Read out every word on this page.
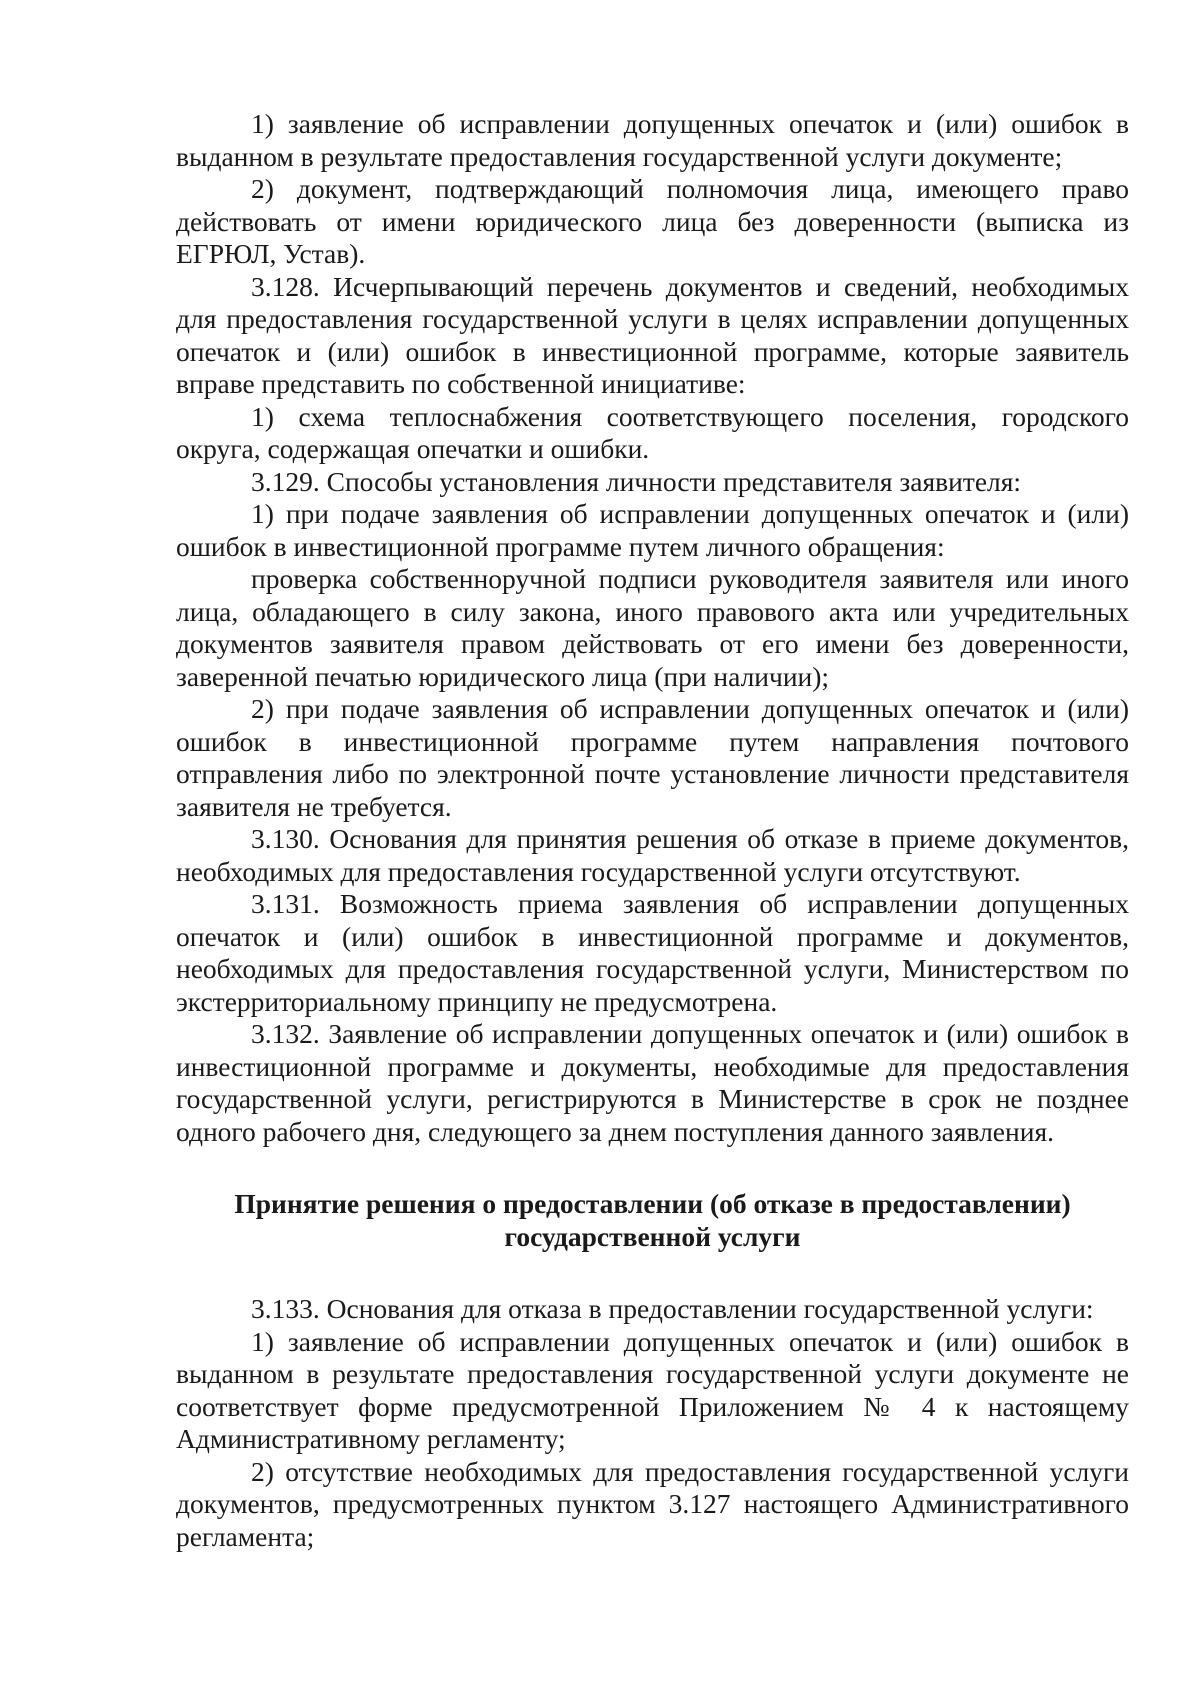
1) заявление об исправлении допущенных опечаток и (или) ошибок в выданном в результате предоставления государственной услуги документе;

2) документ, подтверждающий полномочия лица, имеющего право действовать от имени юридического лица без доверенности (выписка из ЕГРЮЛ, Устав).

3.128. Исчерпывающий перечень документов и сведений, необходимых для предоставления государственной услуги в целях исправлении допущенных опечаток и (или) ошибок в инвестиционной программе, которые заявитель вправе представить по собственной инициативе:

1) схема теплоснабжения соответствующего поселения, городского округа, содержащая опечатки и ошибки.

3.129. Способы установления личности представителя заявителя:

1) при подаче заявления об исправлении допущенных опечаток и (или) ошибок в инвестиционной программе путем личного обращения:

проверка собственноручной подписи руководителя заявителя или иного лица, обладающего в силу закона, иного правового акта или учредительных документов заявителя правом действовать от его имени без доверенности, заверенной печатью юридического лица (при наличии);

2) при подаче заявления об исправлении допущенных опечаток и (или) ошибок в инвестиционной программе путем направления почтового отправления либо по электронной почте установление личности представителя заявителя не требуется.

3.130. Основания для принятия решения об отказе в приеме документов, необходимых для предоставления государственной услуги отсутствуют.

3.131. Возможность приема заявления об исправлении допущенных опечаток и (или) ошибок в инвестиционной программе и документов, необходимых для предоставления государственной услуги, Министерством по экстерриториальному принципу не предусмотрена.

3.132. Заявление об исправлении допущенных опечаток и (или) ошибок в инвестиционной программе и документы, необходимые для предоставления государственной услуги, регистрируются в Министерстве в срок не позднее одного рабочего дня, следующего за днем поступления данного заявления.

Принятие решения о предоставлении (об отказе в предоставлении)
государственной услуги

3.133. Основания для отказа в предоставлении государственной услуги:

1) заявление об исправлении допущенных опечаток и (или) ошибок в выданном в результате предоставления государственной услуги документе не соответствует форме предусмотренной Приложением № 4 к настоящему Административному регламенту;

2) отсутствие необходимых для предоставления государственной услуги документов, предусмотренных пунктом 3.127 настоящего Административного регламента;
